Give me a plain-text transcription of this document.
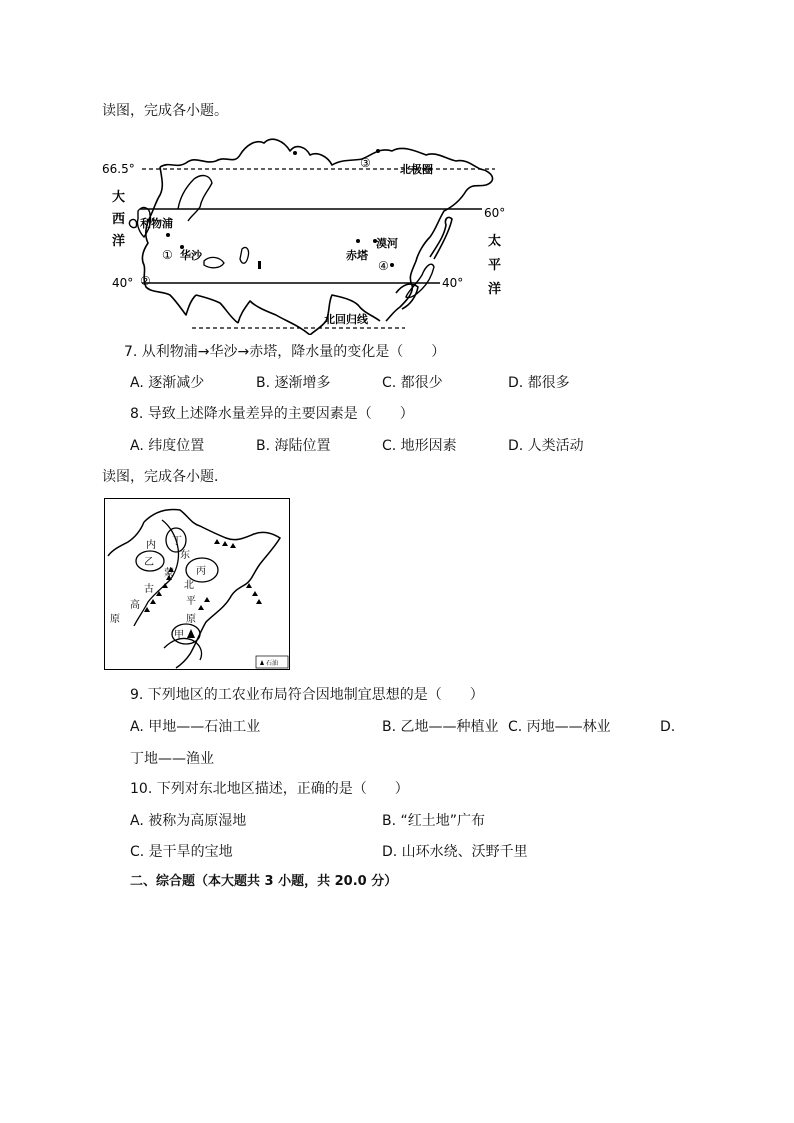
读图，完成各小题。
66.5°
60°
40°	40°
北极圈
北回归线
大
西
洋	太
平
洋
利物浦
① 华沙
②
③
赤塔
漠河
④
7. 从利物浦→华沙→赤塔，降水量的变化是（　　）
A. 逐渐减少	B. 逐渐增多	C. 都很少	D. 都很多
8. 导致上述降水量差异的主要因素是（　　）
A. 纬度位置	B. 海陆位置	C. 地形因素	D. 人类活动
读图，完成各小题．
内 丁
乙
东
丙
蒙
北
古
平
高
原	原
甲
石油
9. 下列地区的工农业布局符合因地制宜思想的是（　　）
A. 甲地——石油工业	B. 乙地——种植业 C. 丙地——林业	D.
丁地——渔业
10. 下列对东北地区描述，正确的是（　　）
A. 被称为高原湿地	B. “红土地”广布
C. 是干旱的宝地	D. 山环水绕、沃野千里
二、综合题（本大题共 3 小题，共 20.0 分）
